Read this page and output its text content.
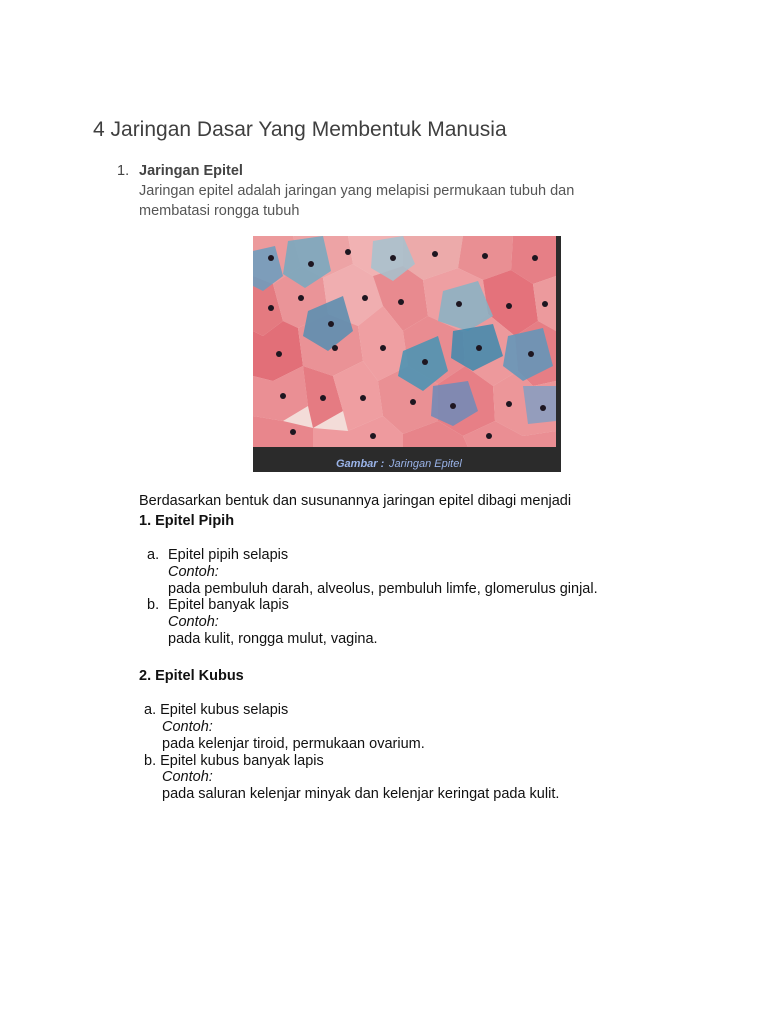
4 Jaringan Dasar Yang Membentuk Manusia
1. Jaringan Epitel
Jaringan epitel adalah jaringan yang melapisi permukaan tubuh dan
membatasi rongga tubuh
Gambar : Jaringan Epitel
Berdasarkan bentuk dan susunannya jaringan epitel dibagi menjadi
1. Epitel Pipih
a. Epitel pipih selapis
Contoh:
pada pembuluh darah, alveolus, pembuluh limfe, glomerulus ginjal.
b. Epitel banyak lapis
Contoh:
pada kulit, rongga mulut, vagina.
2. Epitel Kubus
a. Epitel kubus selapis
Contoh:
pada kelenjar tiroid, permukaan ovarium.
b. Epitel kubus banyak lapis
Contoh:
pada saluran kelenjar minyak dan kelenjar keringat pada kulit.
